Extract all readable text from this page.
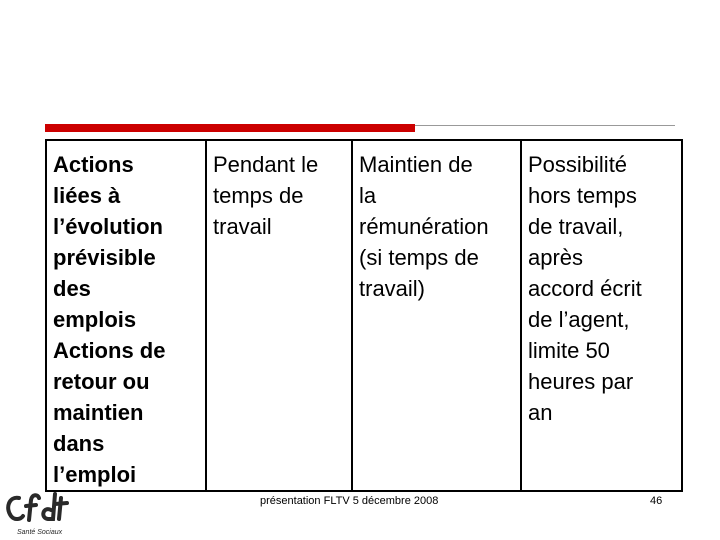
Actions
liées à
l’évolution
prévisible
des
emplois
Actions de
retour ou
maintien
dans
l’emploi

Pendant le
temps de
travail

Maintien de
la
rémunération
(si temps de
travail)

Possibilité
hors temps
de travail,
après
accord écrit
de l’agent,
limite 50
heures par
an
présentation FLTV 5 décembre 2008	46
Santé Sociaux
